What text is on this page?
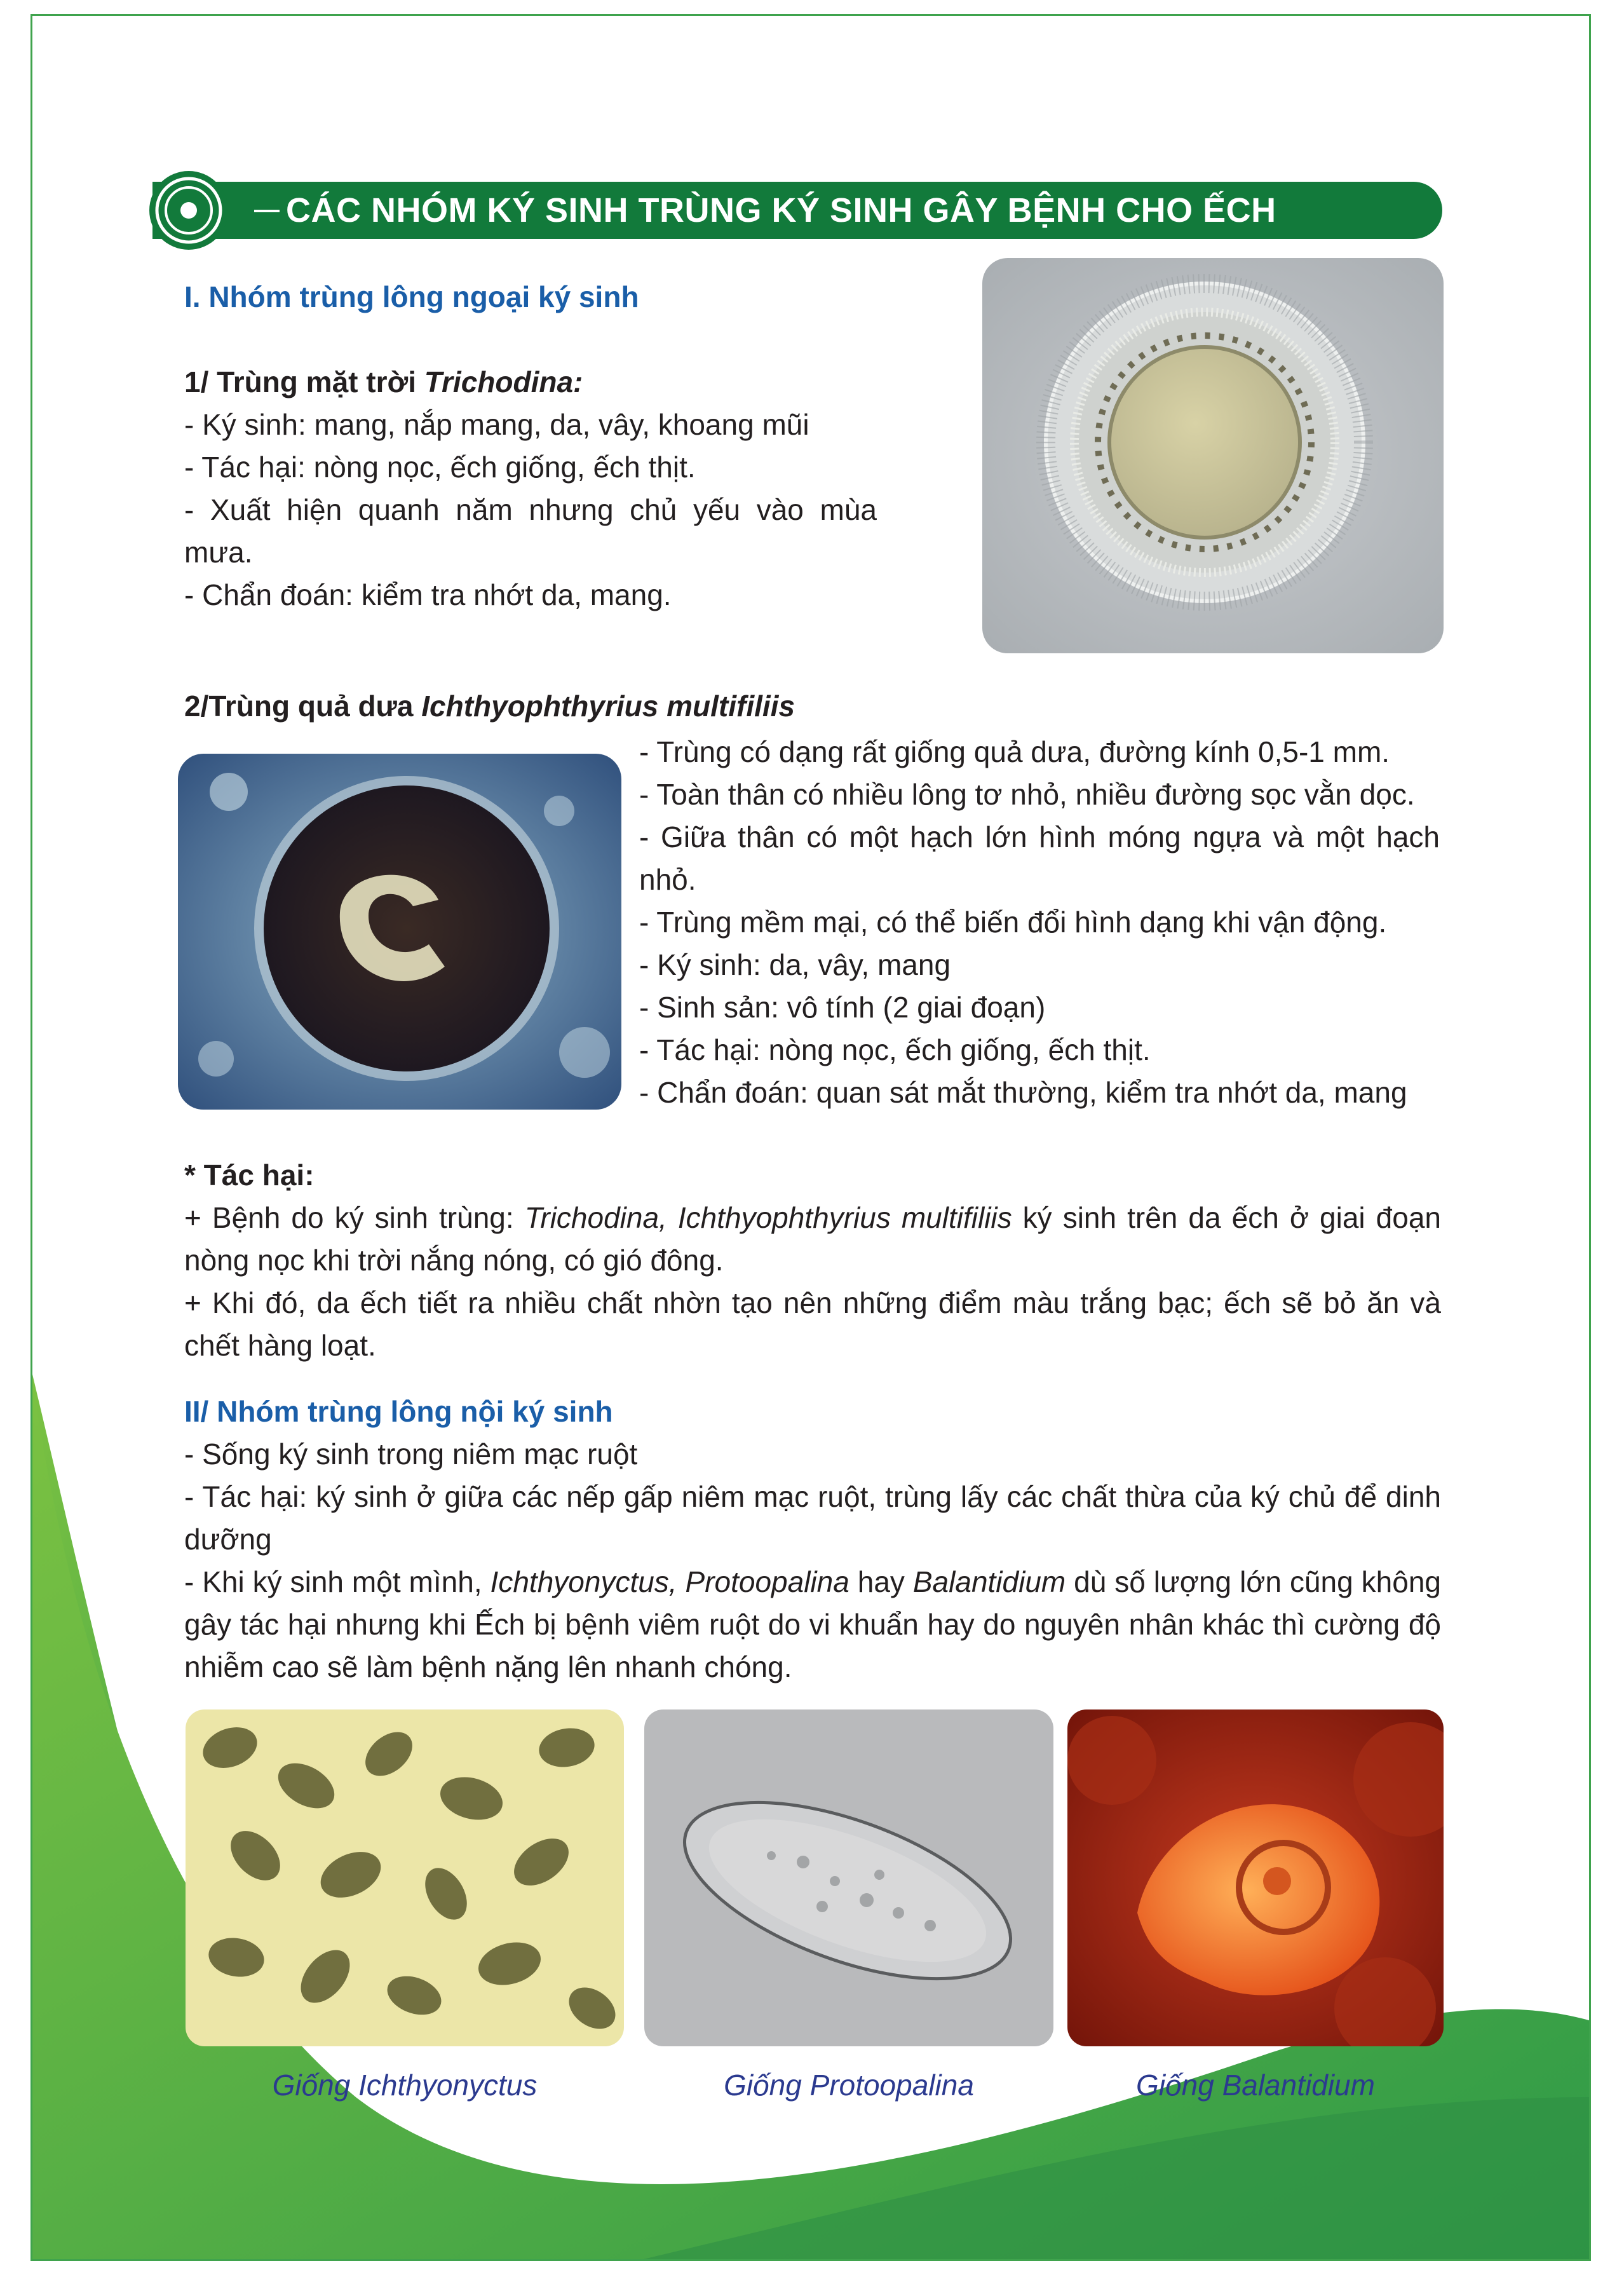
CÁC NHÓM KÝ SINH TRÙNG KÝ SINH GÂY BỆNH CHO ẾCH
I. Nhóm trùng lông ngoại ký sinh

1/ Trùng mặt trời Trichodina:

- Ký sinh: mang, nắp mang, da, vây, khoang mũi

- Tác hại: nòng nọc, ếch giống, ếch thịt.

- Xuất hiện quanh năm nhưng chủ yếu vào mùa mưa.

- Chẩn đoán: kiểm tra nhớt da, mang.

2/Trùng quả dưa Ichthyophthyrius multifiliis

- Trùng có dạng rất giống quả dưa, đường kính 0,5-1 mm.

- Toàn thân có nhiều lông tơ nhỏ, nhiều đường sọc vằn dọc.

- Giữa thân có một hạch lớn hình móng ngựa và một hạch nhỏ.

- Trùng mềm mại, có thể biến đổi hình dạng khi vận động.

- Ký sinh: da, vây, mang

- Sinh sản: vô tính (2 giai đoạn)

- Tác hại: nòng nọc, ếch giống, ếch thịt.

- Chẩn đoán: quan sát mắt thường, kiểm tra nhớt da, mang

* Tác hại:

+ Bệnh do ký sinh trùng: Trichodina, Ichthyophthyrius multifiliis ký sinh trên da ếch ở giai đoạn nòng nọc khi trời nắng nóng, có gió đông.

+ Khi đó, da ếch tiết ra nhiều chất nhờn tạo nên những điểm màu trắng bạc; ếch sẽ bỏ ăn và chết hàng loạt.

II/ Nhóm trùng lông nội ký sinh

- Sống ký sinh trong niêm mạc ruột

- Tác hại: ký sinh ở giữa các nếp gấp niêm mạc ruột, trùng lấy các chất thừa của ký chủ để dinh dưỡng

- Khi ký sinh một mình, Ichthyonyctus, Protoopalina hay Balantidium dù số lượng lớn cũng không gây tác hại nhưng khi Ếch bị bệnh viêm ruột do vi khuẩn hay do nguyên nhân khác thì cường độ nhiễm cao sẽ làm bệnh nặng lên nhanh chóng.

Giống Ichthyonyctus	Giống Protoopalina	Giống Balantidium
